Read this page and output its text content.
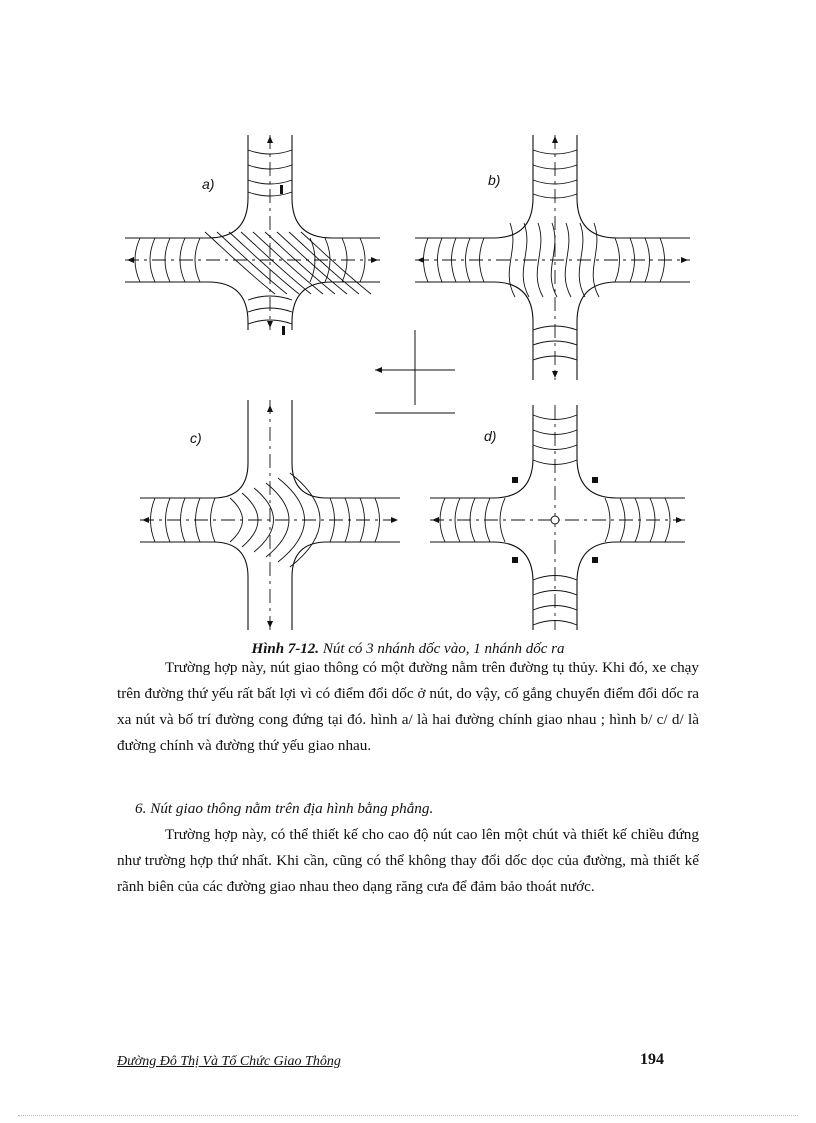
a)	b)
c)	d)
Hình 7-12. Nút có 3 nhánh dốc vào, 1 nhánh dốc ra

Trường hợp này, nút giao thông có một đường nằm trên đường tụ thủy. Khi đó, xe chạy trên đường thứ yếu rất bất lợi vì có điểm đổi dốc ở nút, do vậy, cố gắng chuyển điểm đổi dốc ra xa nút và bố trí đường cong đứng tại đó. hình a/ là hai đường chính giao nhau ; hình b/ c/ d/ là đường chính và đường thứ yếu giao nhau.

6. Nút giao thông nằm trên địa hình bằng phẳng.

Trường hợp này, có thể thiết kế cho cao độ nút cao lên một chút và thiết kế chiều đứng như trường hợp thứ nhất. Khi cần, cũng có thể không thay đổi dốc dọc của đường, mà thiết kế rãnh biên của các đường giao nhau theo dạng răng cưa để đảm bảo thoát nước.

Đường Đô Thị Và Tổ Chức Giao Thông	194
